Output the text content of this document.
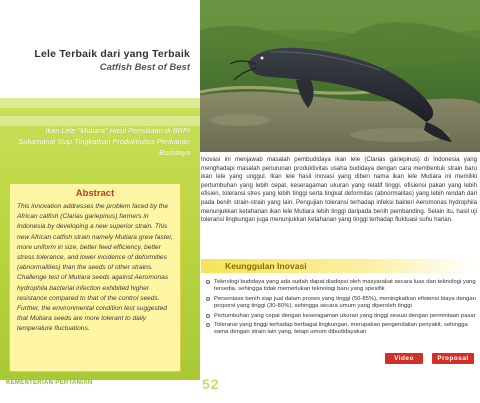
Lele Terbaik dari yang Terbaik
Catfish Best of Best
Ikan Lele "Mutiara" Hasil Pemuliaan di BRPI Sukamandi Siap Tingkatkan Produktivitas Perikanan Budidaya
Abstract
This innovation addresses the problem faced by the African catfish (Clarias gariepinus) farmers in Indonesia by developing a new superior strain. This new African catfish strain namely Mutiara grew faster, more uniform in size, better feed efficiency, better stress tolerance, and lower incidence of deformities (abnormalities) than the seeds of other strains. Challenge test of Mutiara seeds against Aeromonas hydrophila bacterial infection exhibited higher resistance compared to that of the control seeds. Further, the environmental condition test suggested that Mutiara seeds are more tolerant to daily temperature fluctuations.
KEMENTERIAN PERTANIAN	52
Inovasi ini menjawab masalah pembudidaya ikan lele (Clarias gariepinus) di Indonesia yang menghadapi masalah penurunan produktivitas usaha budidaya dengan cara membentuk strain baru ikan lele yang unggul. Ikan lele hasil inovasi yang diberi nama ikan lele Mutiara ini memiliki pertumbuhan yang lebih cepat, keseragaman ukuran yang relatif tinggi, efisiensi pakan yang lebih efisien, toleransi stres yang lebih tinggi serta tingkat deformitas (abnormalitas) yang lebih rendah dari pada benih strain-strain yang lain. Pengujian toleransi terhadap infeksi bakteri Aeromonas hydrophila menunjukkan ketahanan ikan lele Mutiara lebih tinggi daripada benih pembanding. Selain itu, hasil uji toleransi lingkungan juga menunjukkan ketahanan yang tinggi terhadap fluktuasi suhu harian.
Keunggulan Inovasi
Teknologi budidaya yang ada sudah dapat diadopsi oleh masyarakat secara luas dan teknologi yang tersedia, sehingga tidak memerlukan teknologi baru yang spesifik
Persentase benih siap jual dalam proses yang tinggi (50-85%), meningkatkan efisiensi biaya dengan proporsi yang tinggi (30-80%), sehingga secara umum yang diperoleh tinggi
Pertumbuhan yang cepat dengan keseragaman ukuran yang tinggi sesuai dengan permintaan pasar
Toleransi yang tinggi terhadap berbagai lingkungan, merupakan pengendalian penyakit, sehingga sama dengan strain lain yang, tetapi umum dibudidayakan
Video	Proposal
